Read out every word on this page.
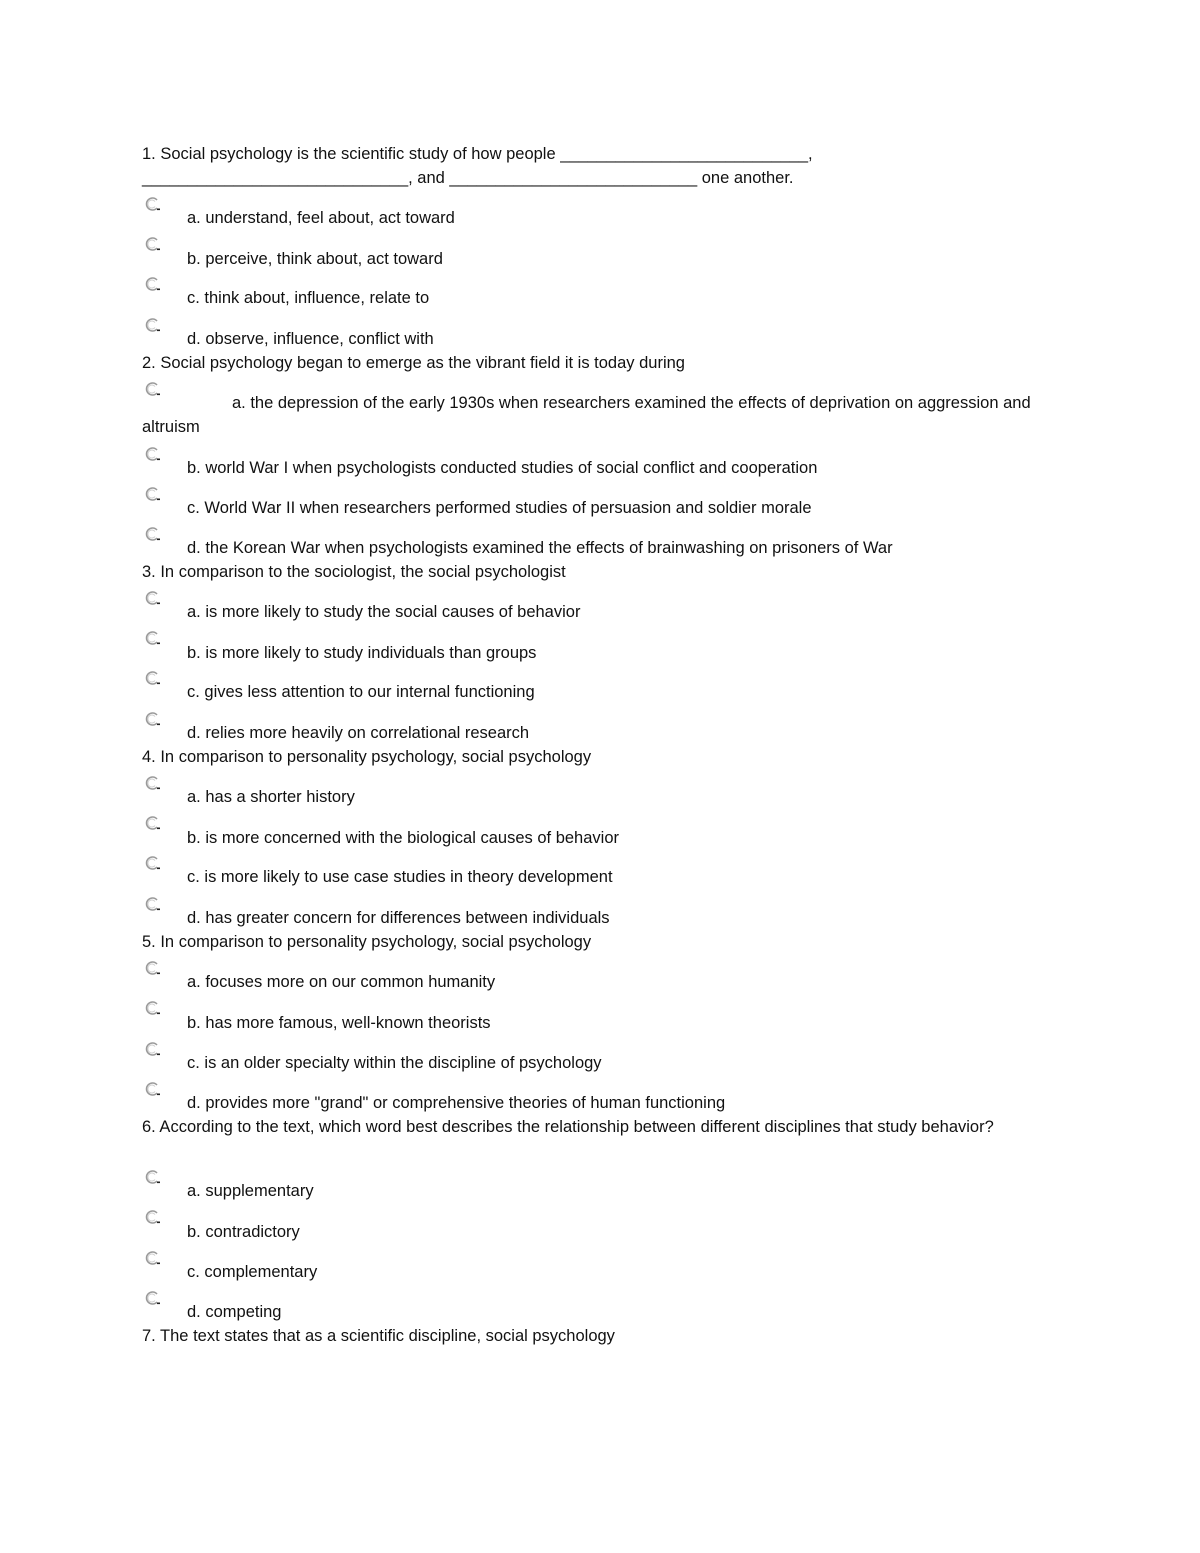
1. Social psychology is the scientific study of how people ___________________________,
_____________________________, and ___________________________ one another.
a. understand, feel about, act toward
b. perceive, think about, act toward
c. think about, influence, relate to
d. observe, influence, conflict with
2. Social psychology began to emerge as the vibrant field it is today during
a. the depression of the early 1930s when researchers examined the effects of deprivation on aggression and altruism
b. world War I when psychologists conducted studies of social conflict and cooperation
c. World War II when researchers performed studies of persuasion and soldier morale
d. the Korean War when psychologists examined the effects of brainwashing on prisoners of War
3. In comparison to the sociologist, the social psychologist
a. is more likely to study the social causes of behavior
b. is more likely to study individuals than groups
c. gives less attention to our internal functioning
d. relies more heavily on correlational research
4. In comparison to personality psychology, social psychology
a. has a shorter history
b. is more concerned with the biological causes of behavior
c. is more likely to use case studies in theory development
d. has greater concern for differences between individuals
5. In comparison to personality psychology, social psychology
a. focuses more on our common humanity
b. has more famous, well-known theorists
c. is an older specialty within the discipline of psychology
d. provides more "grand" or comprehensive theories of human functioning
6. According to the text, which word best describes the relationship between different disciplines that study behavior?
a. supplementary
b. contradictory
c. complementary
d. competing
7. The text states that as a scientific discipline, social psychology
